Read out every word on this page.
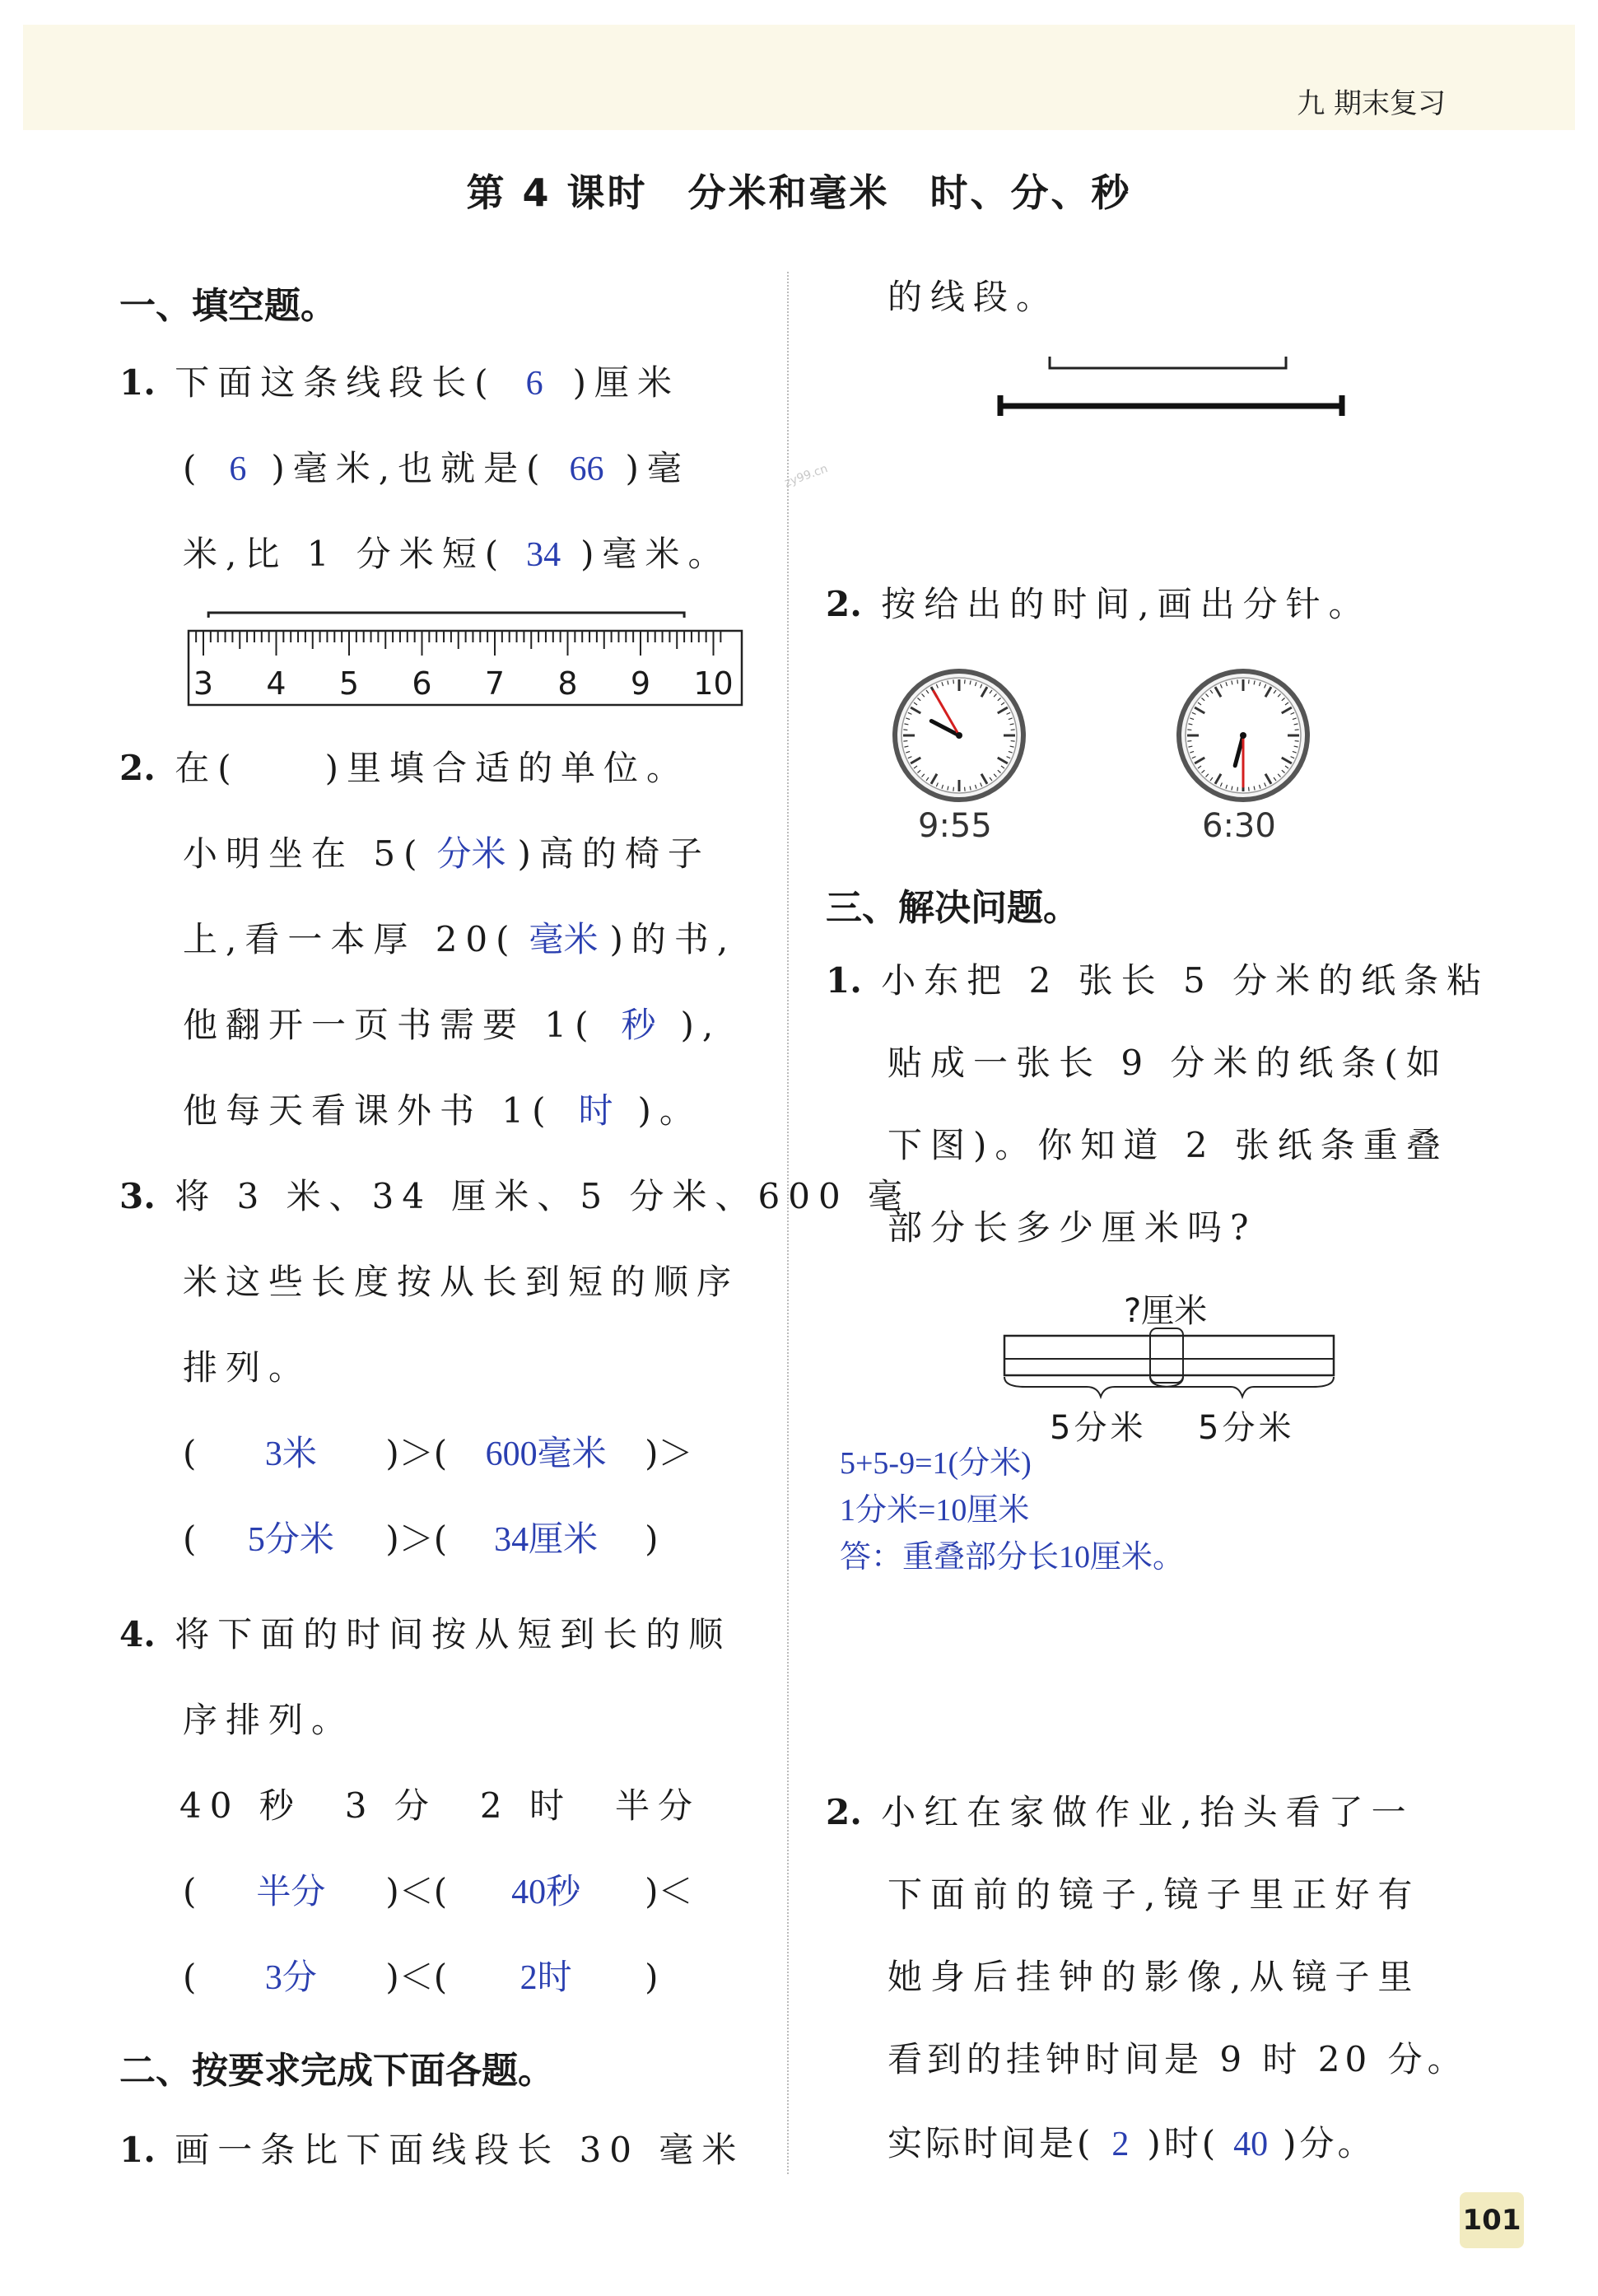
九 期末复习
第 4 课时　分米和毫米　时、分、秒
zy99.cn
一、填空题。
1. 下面这条线段长( 6 )厘米
( 6 )毫米,也就是( 66 )毫
米,比 1 分米短( 34 )毫米。
3 4 5 6 7 8 9 10
2. 在(　　)里填合适的单位。
小明坐在 5( 分米 )高的椅子
上,看一本厚 20( 毫米 )的书,
他翻开一页书需要 1( 秒 ),
他每天看课外书 1( 时 )。
3. 将 3 米、34 厘米、5 分米、600 毫
米这些长度按从长到短的顺序
排列。
( 3米 )＞( 600毫米 )＞
( 5分米 )＞( 34厘米 )
4. 将下面的时间按从短到长的顺
序排列。
40 秒　3 分　2 时　半分
( 半分 )＜( 40秒 )＜
( 3分 )＜( 2时 )
二、按要求完成下面各题。
1. 画一条比下面线段长 30 毫米
的线段。
2. 按给出的时间,画出分针。
9:55	6:30
三、解决问题。
1. 小东把 2 张长 5 分米的纸条粘
贴成一张长 9 分米的纸条(如
下图)。你知道 2 张纸条重叠
部分长多少厘米吗?
?厘米
5分米 5分米
5+5-9=1(分米)
1分米=10厘米
答：重叠部分长10厘米。
2. 小红在家做作业,抬头看了一
下面前的镜子,镜子里正好有
她身后挂钟的影像,从镜子里
看到的挂钟时间是 9 时 20 分。
实际时间是( 2 )时( 40 )分。
101
